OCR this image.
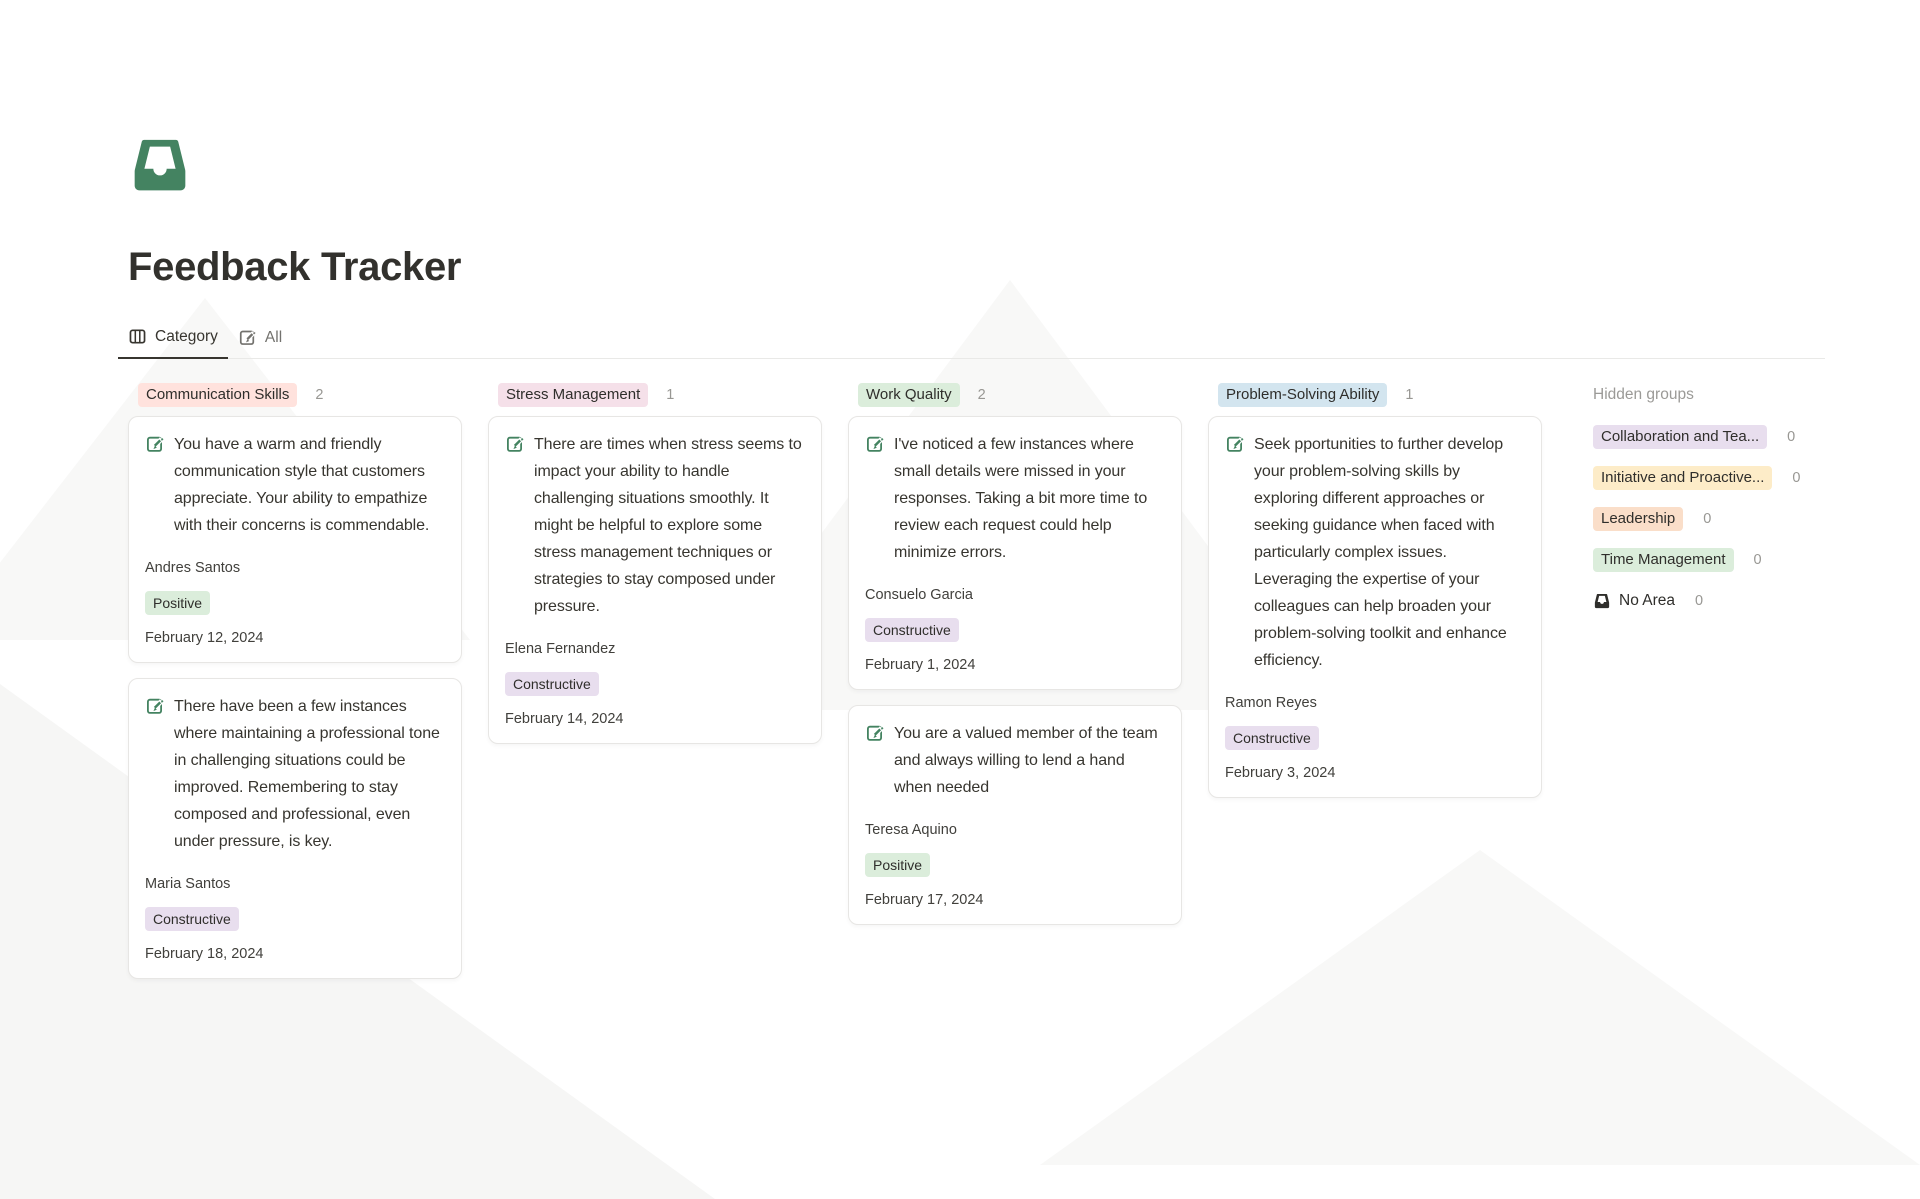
Feedback Tracker
Category	All
Communication Skills	2
You have a warm and friendly communication style that customers appreciate. Your ability to empathize with their concerns is commendable.
Andres Santos
Positive
February 12, 2024
There have been a few instances where maintaining a professional tone in challenging situations could be improved. Remembering to stay composed and professional, even under pressure, is key.
Maria Santos
Constructive
February 18, 2024
Stress Management	1
There are times when stress seems to impact your ability to handle challenging situations smoothly. It might be helpful to explore some stress management techniques or strategies to stay composed under pressure.
Elena Fernandez
Constructive
February 14, 2024
Work Quality	2
I've noticed a few instances where small details were missed in your responses. Taking a bit more time to review each request could help minimize errors.
Consuelo Garcia
Constructive
February 1, 2024
You are a valued member of the team and always willing to lend a hand when needed
Teresa Aquino
Positive
February 17, 2024
Problem-Solving Ability	1
Seek pportunities to further develop your problem-solving skills by exploring different approaches or seeking guidance when faced with particularly complex issues. Leveraging the expertise of your colleagues can help broaden your problem-solving toolkit and enhance efficiency.
Ramon Reyes
Constructive
February 3, 2024
Hidden groups
Collaboration and Tea...	0
Initiative and Proactive...	0
Leadership	0
Time Management	0
No Area 0
